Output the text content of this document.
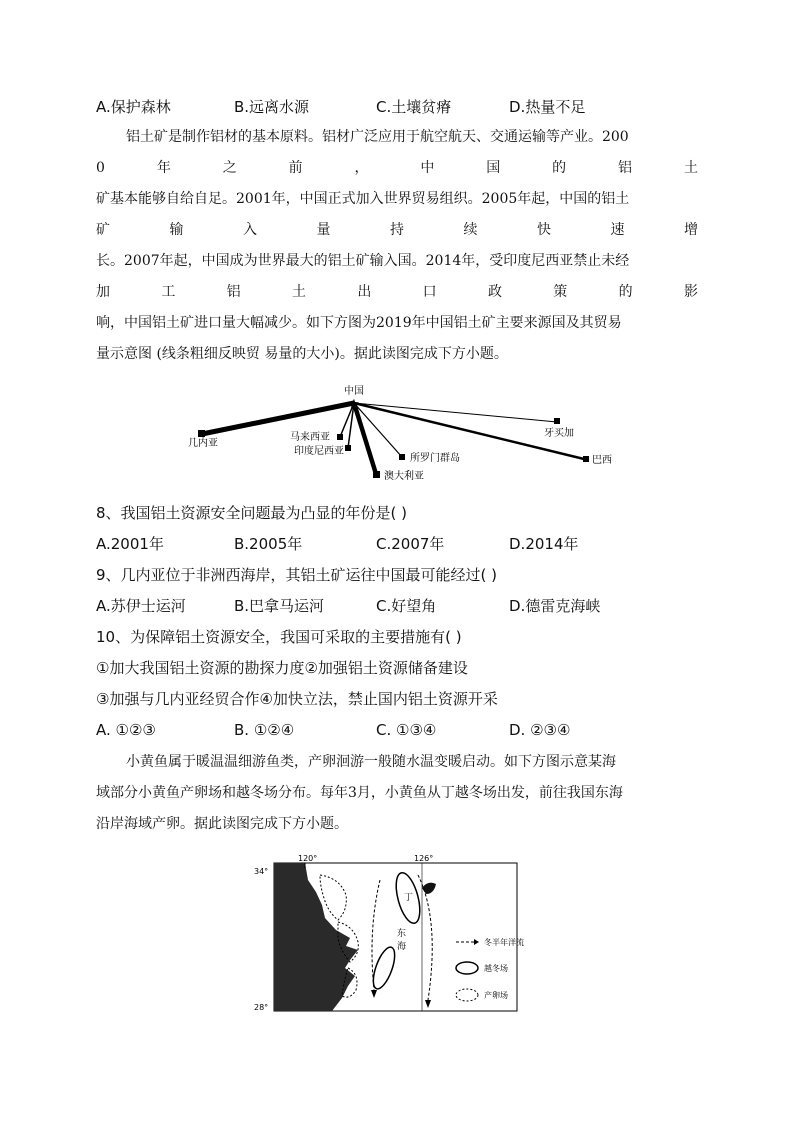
A.保护森林	B.远离水源	C.土壤贫瘠	D.热量不足
铝土矿是制作铝材的基本原料。铝材广泛应用于航空航天、交通运输等产业。200
0	年	之	前	，	中	国	的	铝	土
矿基本能够自给自足。2001年，中国正式加入世界贸易组织。2005年起，中国的铝土
矿	输	入	量	持	续	快	速	增
长。2007年起，中国成为世界最大的铝土矿输入国。2014年，受印度尼西亚禁止未经
加	工	铝	土	出	口	政	策	的	影
响，中国铝土矿进口量大幅减少。如下方图为2019年中国铝土矿主要来源国及其贸易
量示意图 (线条粗细反映贸 易量的大小)。据此读图完成下方小题。
★
中国
几内亚
马来西亚
印度尼西亚
澳大利亚
所罗门群岛
牙买加
巴西
8、我国铝土资源安全问题最为凸显的年份是( )
A.2001年	B.2005年	C.2007年	D.2014年
9、几内亚位于非洲西海岸，其铝土矿运往中国最可能经过( )
A.苏伊士运河	B.巴拿马运河	C.好望角	D.德雷克海峡
10、为保障铝土资源安全，我国可采取的主要措施有( )
①加大我国铝土资源的勘探力度②加强铝土资源储备建设
③加强与几内亚经贸合作④加快立法，禁止国内铝土资源开采
A. ①②③	B. ①②④	C. ①③④	D. ②③④
小黄鱼属于暖温温细游鱼类，产卵洄游一般随水温变暖启动。如下方图示意某海
域部分小黄鱼产卵场和越冬场分布。每年3月，小黄鱼从丁越冬场出发，前往我国东海
沿岸海域产卵。据此读图完成下方小题。
120°	126°
34°
28°
丁
东
海	冬半年洋流
越冬场
产卵场
